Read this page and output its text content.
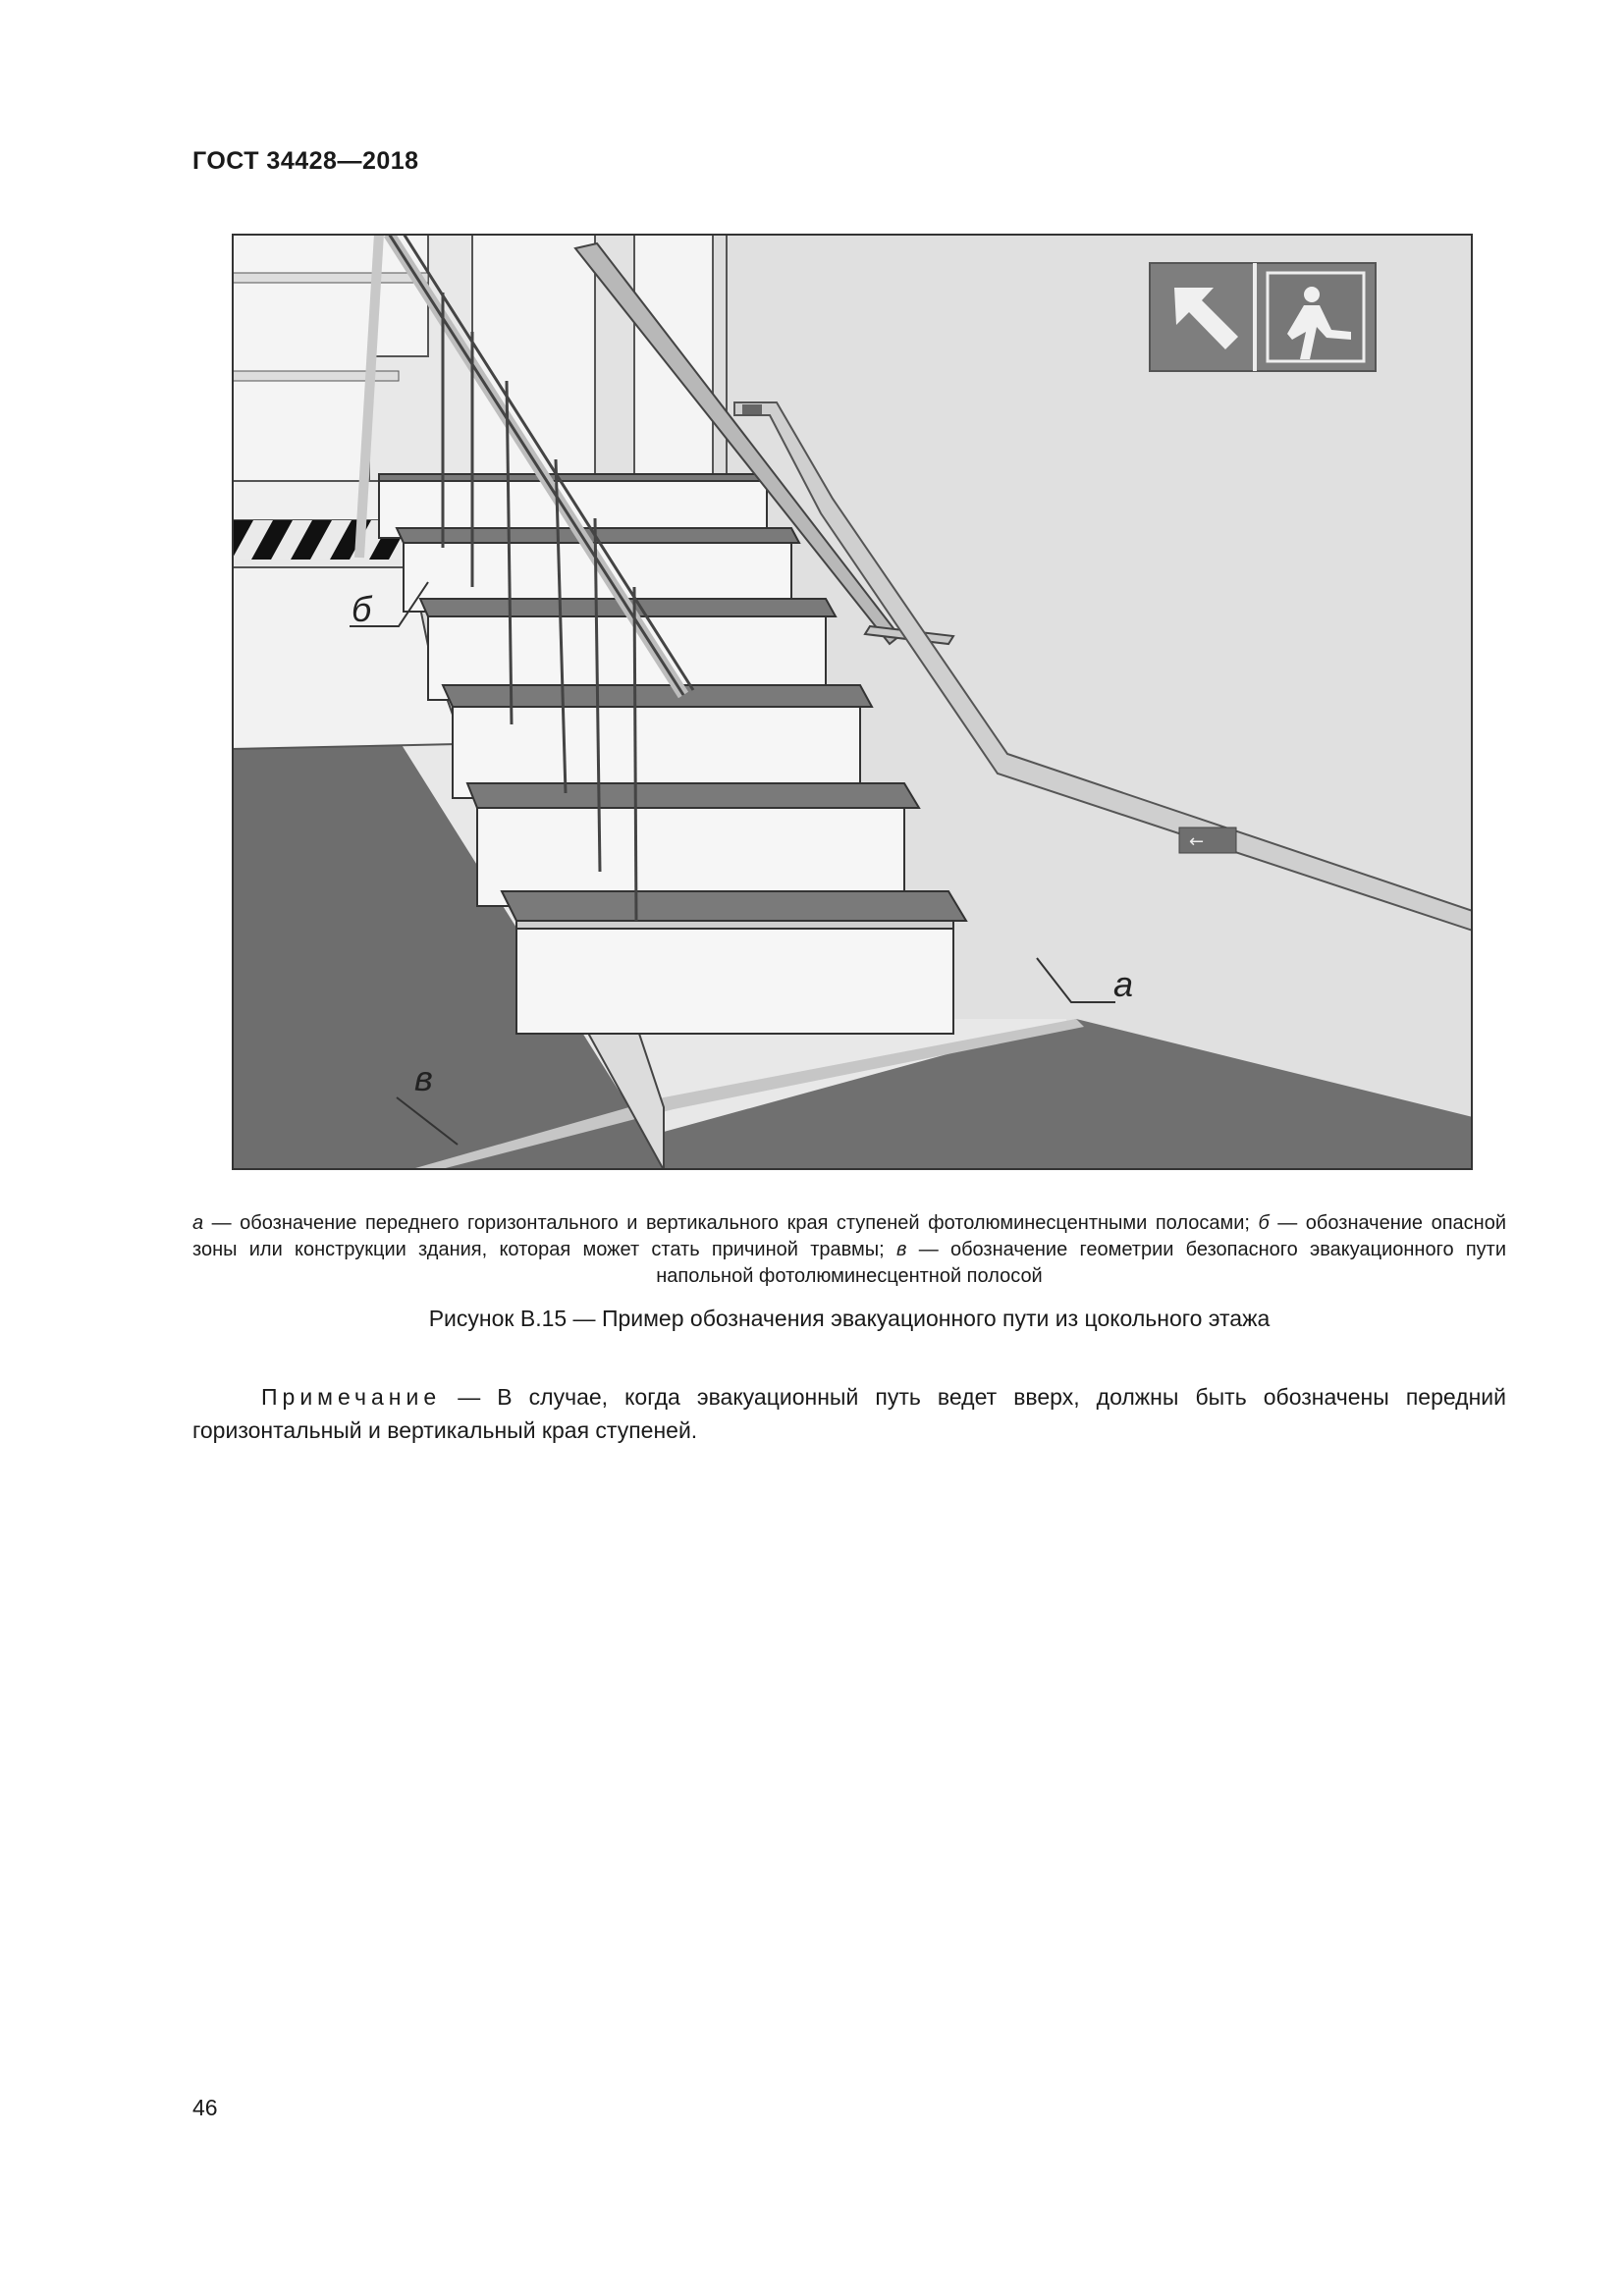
ГОСТ 34428—2018
←
б
а
в
а — обозначение переднего горизонтального и вертикального края ступеней фотолюминесцентными полосами; б — обозначение опасной зоны или конструкции здания, которая может стать причиной травмы; в — обозначение геометрии безопасного эвакуационного пути напольной фотолюминесцентной полосой
Рисунок В.15 — Пример обозначения эвакуационного пути из цокольного этажа
Примечание — В случае, когда эвакуационный путь ведет вверх, должны быть обозначены передний горизонтальный и вертикальный края ступеней.
46
